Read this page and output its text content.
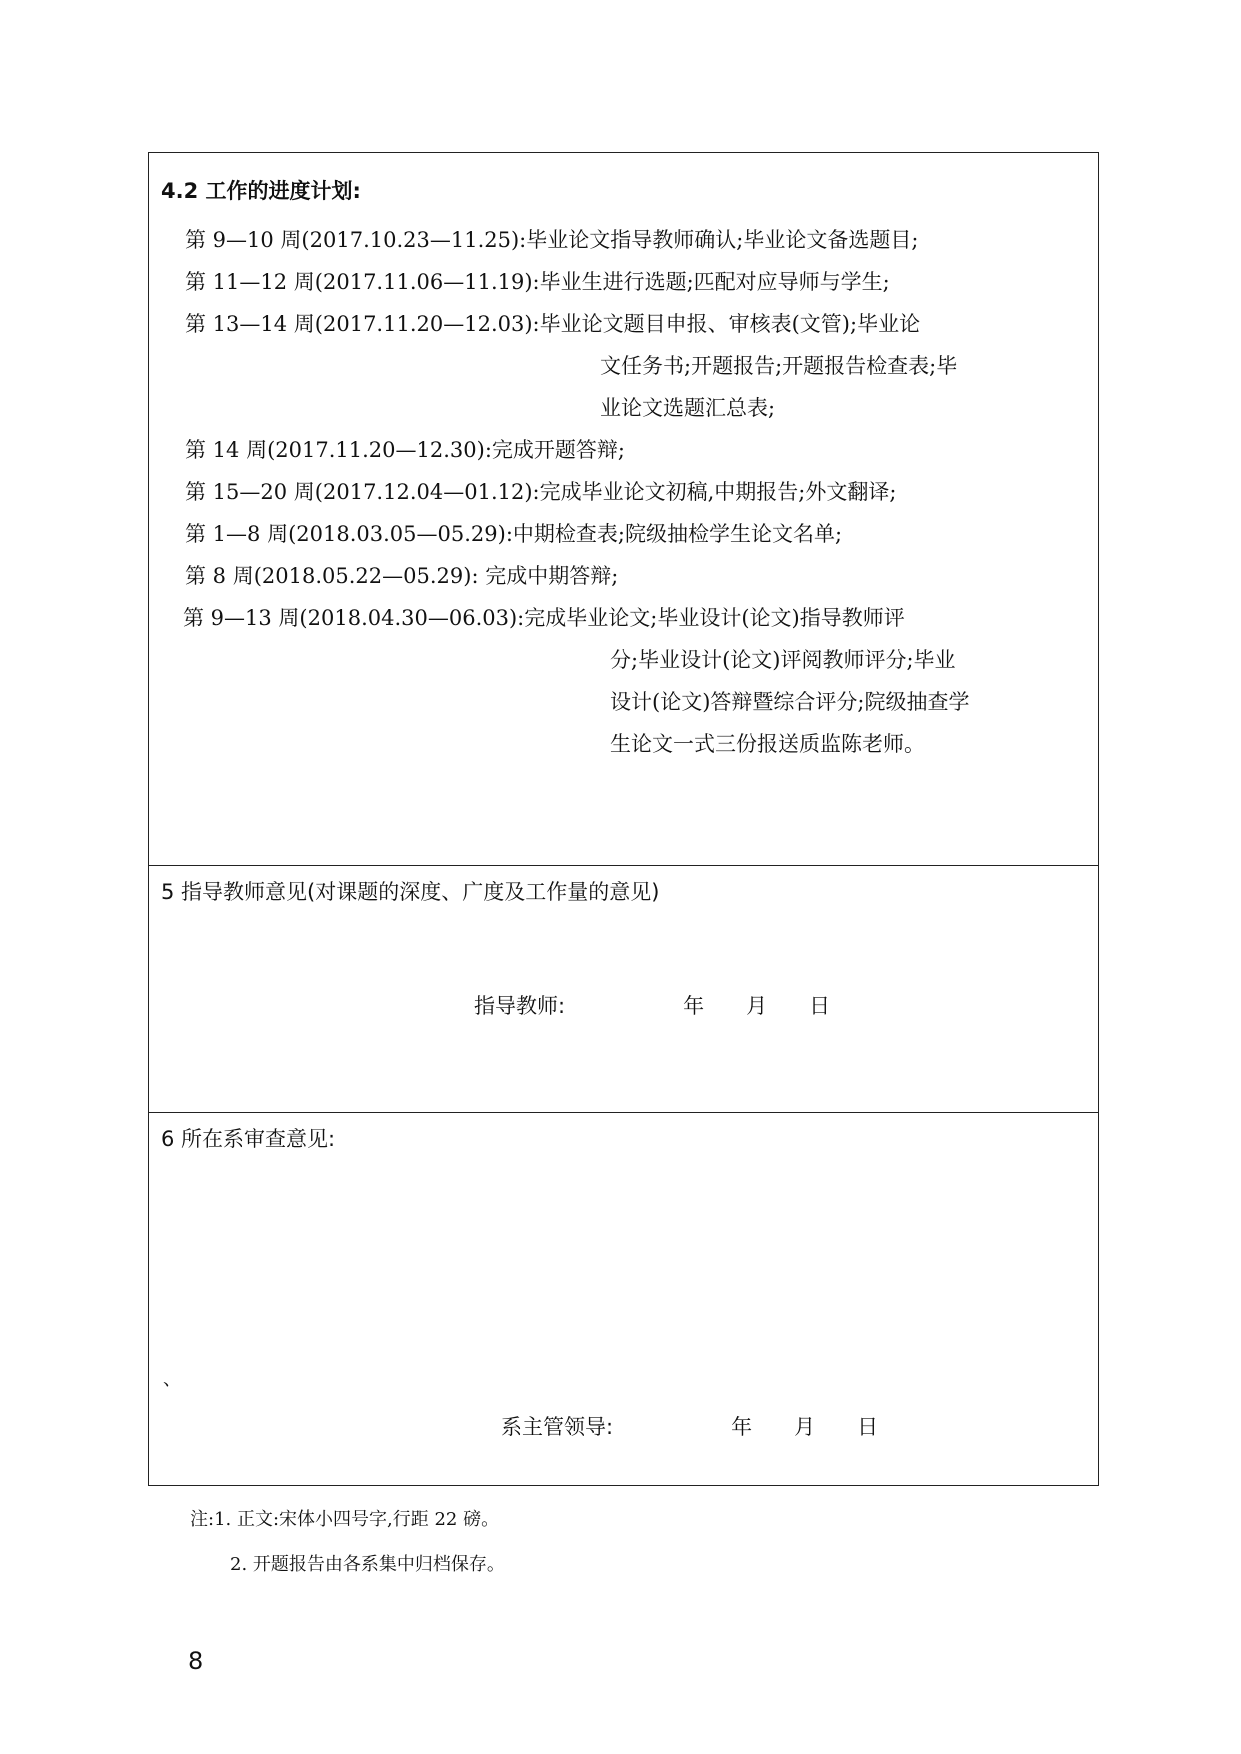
4.2 工作的进度计划:
第 9—10 周(2017.10.23—11.25):毕业论文指导教师确认;毕业论文备选题目;
第 11—12 周(2017.11.06—11.19):毕业生进行选题;匹配对应导师与学生;
第 13—14 周(2017.11.20—12.03):毕业论文题目申报、审核表(文管);毕业论
文任务书;开题报告;开题报告检查表;毕
业论文选题汇总表;
第 14 周(2017.11.20—12.30):完成开题答辩;
第 15—20 周(2017.12.04—01.12):完成毕业论文初稿,中期报告;外文翻译;
第 1—8 周(2018.03.05—05.29):中期检查表;院级抽检学生论文名单;
第 8 周(2018.05.22—05.29): 完成中期答辩;
第 9—13 周(2018.04.30—06.03):完成毕业论文;毕业设计(论文)指导教师评
分;毕业设计(论文)评阅教师评分;毕业
设计(论文)答辩暨综合评分;院级抽查学
生论文一式三份报送质监陈老师。
5 指导教师意见(对课题的深度、广度及工作量的意见)
指导教师:	年 月 日
6 所在系审查意见:
、
系主管领导:	年 月 日
注:1. 正文:宋体小四号字,行距 22 磅。
2. 开题报告由各系集中归档保存。
8
